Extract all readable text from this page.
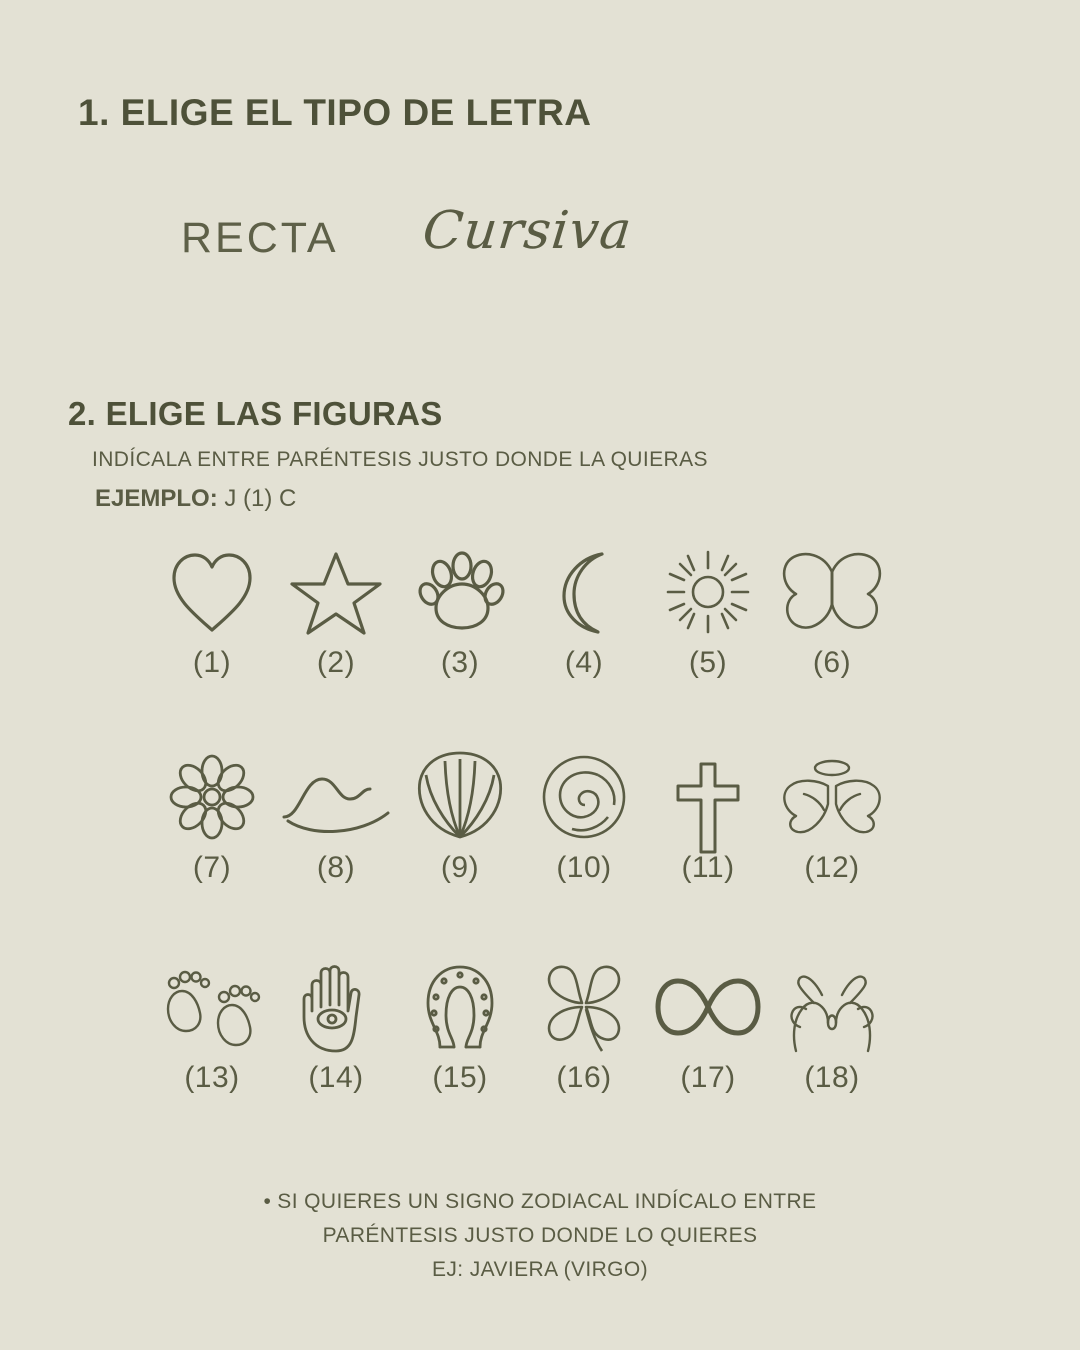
1. ELIGE EL TIPO DE LETRA
RECTA Cursiva
2. ELIGE LAS FIGURAS
INDÍCALA ENTRE PARÉNTESIS JUSTO DONDE LA QUIERAS
EJEMPLO: J (1) C
(1)	(2)	(3)	(4)	(5)	(6)
(7)	(8)	(9)	(10) (11) (12)
(13) (14) (15) (16) (17) (18)
• SI QUIERES UN SIGNO ZODIACAL INDÍCALO ENTRE
PARÉNTESIS JUSTO DONDE LO QUIERES
EJ: JAVIERA (VIRGO)
